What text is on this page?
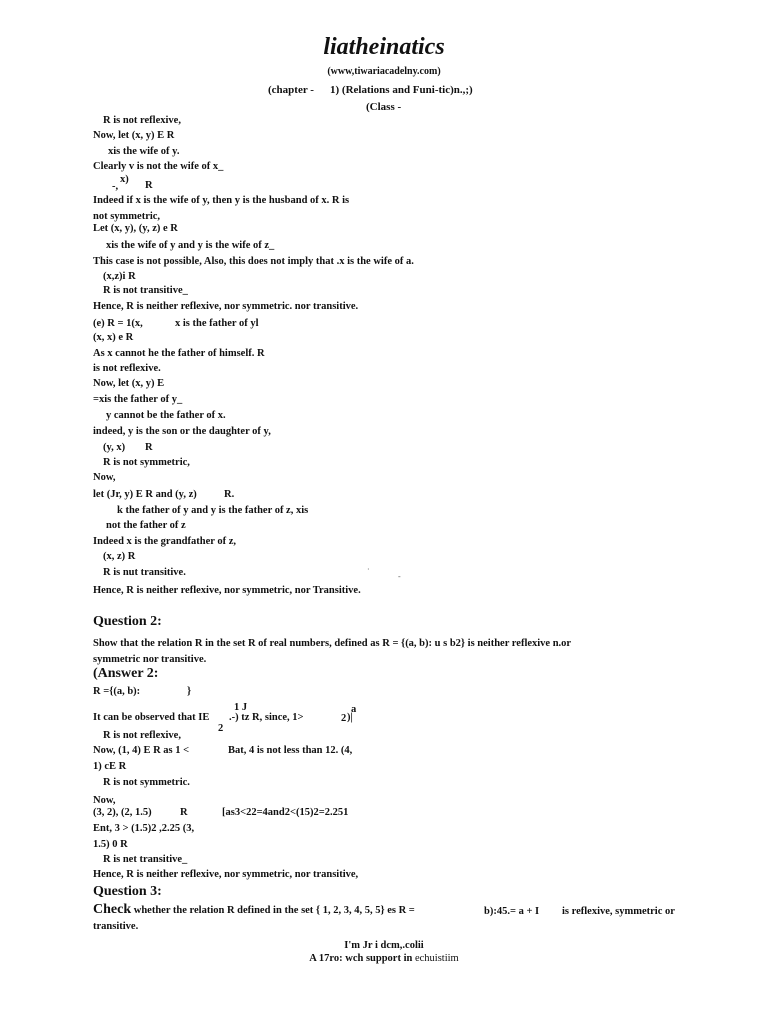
liatheinatics
(www,tiwariacadelny.com)
(chapter - 1) (Relations and Funi-tic)n.,;)
(Class -
R is not reflexive,
Now, let (x, y) E R
xis the wife of y.
Clearly v is not the wife of x_
x)
-,	R
Indeed if x is the wife of y, then y is the husband of x. R is
not symmetric,
Let (x, y), (y, z) e R
xis the wife of y and y is the wife of z_
This case is not possible, Also, this does not imply that .x is the wife of a.
(x,z)i R
R is not transitive_
Hence, R is neither reflexive, nor symmetric. nor transitive.
(e) R = 1(x,	x is the father of yl
(x, x) e R
As x cannot he the father of himself. R
is not reflexive.
Now, let (x, y) E
=xis the father of y_
y cannot be the father of x.
indeed, y is the son or the daughter of y,
(y, x) R
R is not symmetric,
Now,
let (Jr, y) E R and (y, z)	R.
k the father of y and y is the father of z, xis
not the father of z
Indeed x is the grandfather of z,
(x, z) R
R is nut transitive.
Hence, R is neither reflexive, nor symmetric, nor Transitive.
Question 2:
Show that the relation R in the set R of real numbers, defined as R = {(a, b): u s b2} is neither reflexive n.or
symmetric nor transitive.
(Answer 2:
R ={(a, b):	}
1 J	a
It can be observed that IE .-) tz R, since, 1>	2 )|
2
R is not reflexive,
Now, (1, 4) E R as 1 <	Bat, 4 is not less than 12. (4,
1) cE R
R is not symmetric.
Now,
(3, 2), (2, 1.5)	R	[as3<22=4and2<(15)2=2.251
Ent, 3 > (1.5)2 ,2.25 (3,
1.5) 0 R
R is net transitive_
Hence, R is neither reflexive, nor symmetric, nor transitive,
Question 3:
Check whether the relation R defined in the set { 1, 2, 3, 4, 5, 5} es R =	b):45.= a + I is reflexive, symmetric or
transitive.
I'm Jr i dcm,.colii
A 17ro: wch support in echuistiim
·
-
